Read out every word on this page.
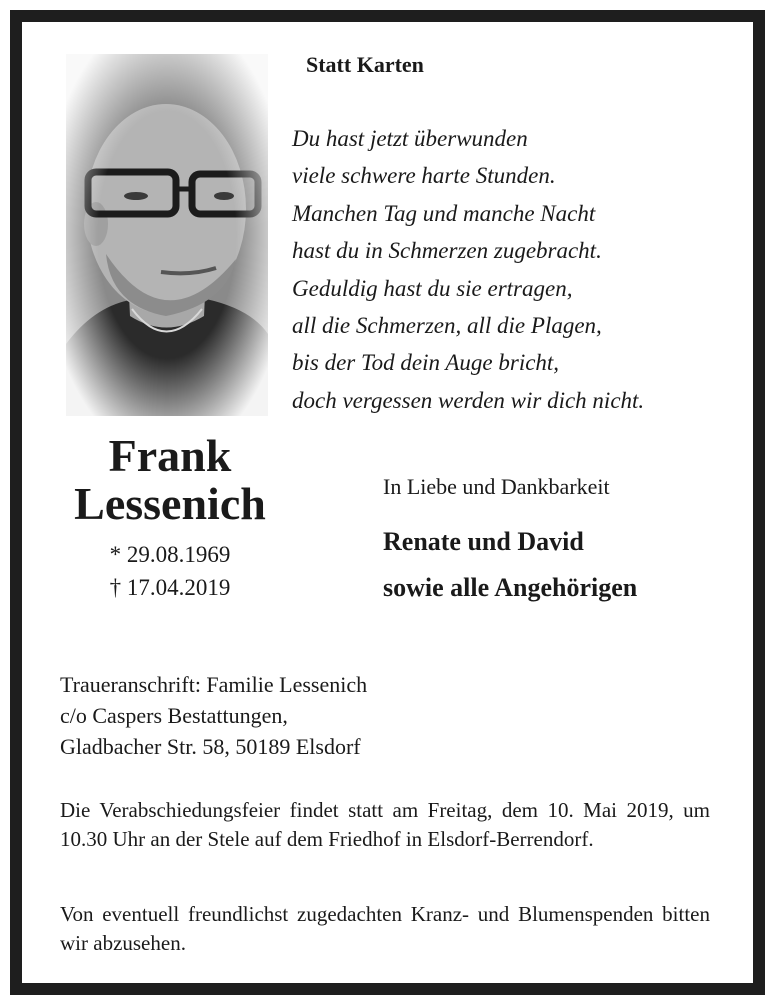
Statt Karten
Du hast jetzt überwunden
viele schwere harte Stunden.
Manchen Tag und manche Nacht
hast du in Schmerzen zugebracht.
Geduldig hast du sie ertragen,
all die Schmerzen, all die Plagen,
bis der Tod dein Auge bricht,
doch vergessen werden wir dich nicht.
Frank
Lessenich
* 29.08.1969
† 17.04.2019
In Liebe und Dankbarkeit
Renate und David
sowie alle Angehörigen
Traueranschrift: Familie Lessenich
c/o Caspers Bestattungen,
Gladbacher Str. 58, 50189 Elsdorf
Die Verabschiedungsfeier findet statt am Freitag, dem 10. Mai 2019, um 10.30 Uhr an der Stele auf dem Friedhof in Elsdorf-Berrendorf.
Von eventuell freundlichst zugedachten Kranz- und Blumenspenden bitten wir abzusehen.
